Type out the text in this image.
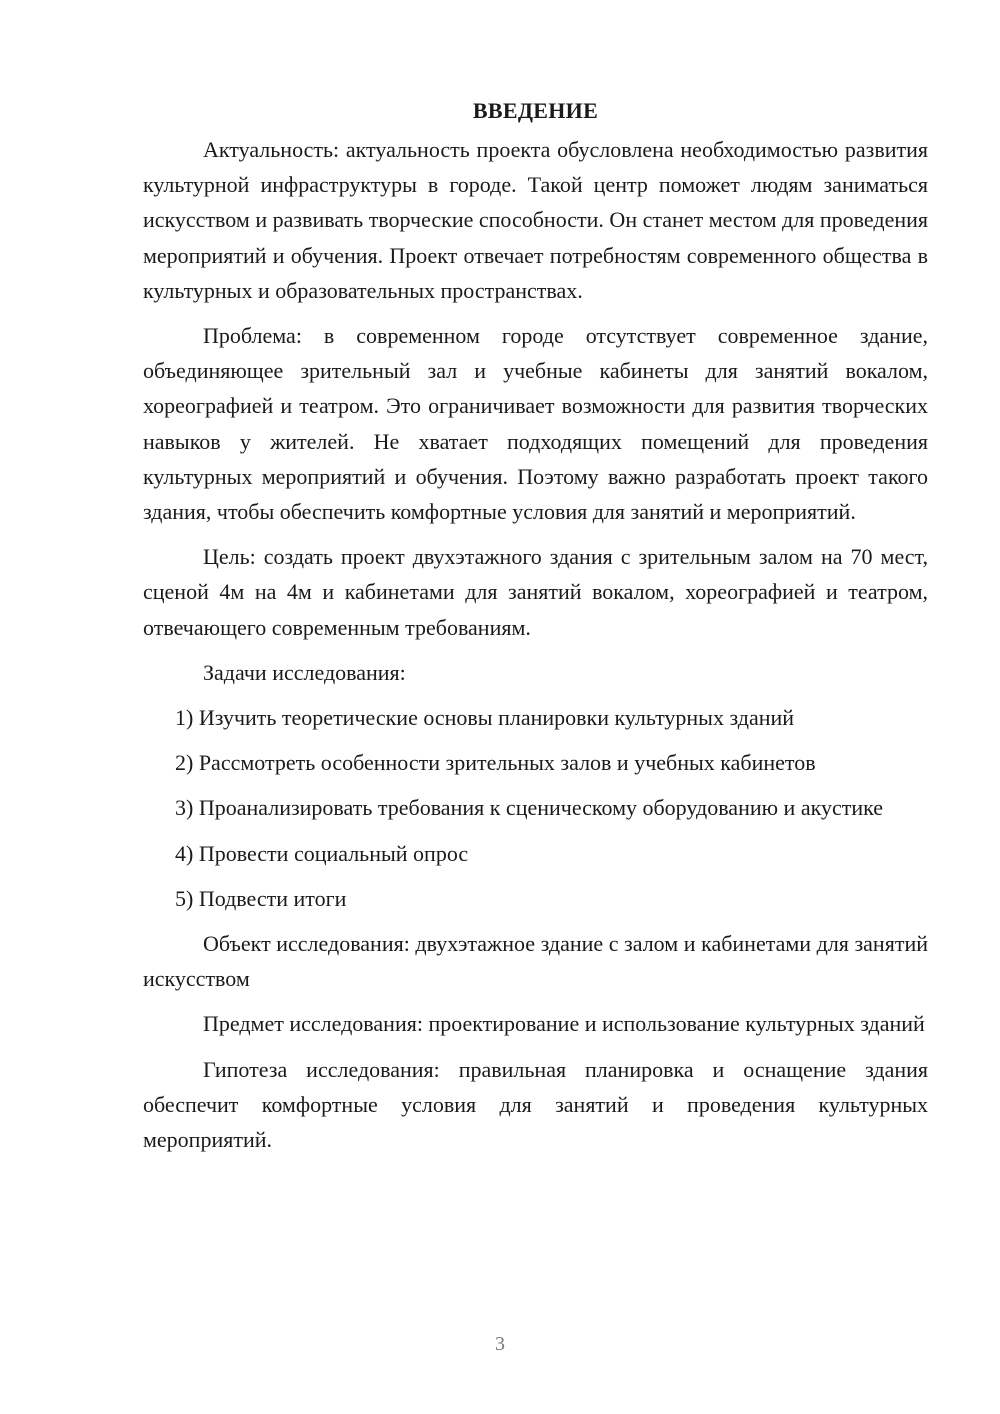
ВВЕДЕНИЕ

Актуальность: актуальность проекта обусловлена необходимостью развития культурной инфраструктуры в городе. Такой центр поможет людям заниматься искусством и развивать творческие способности. Он станет местом для проведения мероприятий и обучения. Проект отвечает потребностям современного общества в культурных и образовательных пространствах.

Проблема: в современном городе отсутствует современное здание, объединяющее зрительный зал и учебные кабинеты для занятий вокалом, хореографией и театром. Это ограничивает возможности для развития творческих навыков у жителей. Не хватает подходящих помещений для проведения культурных мероприятий и обучения. Поэтому важно разработать проект такого здания, чтобы обеспечить комфортные условия для занятий и мероприятий.

Цель: создать проект двухэтажного здания с зрительным залом на 70 мест, сценой 4м на 4м и кабинетами для занятий вокалом, хореографией и театром, отвечающего современным требованиям.

Задачи исследования:

1) Изучить теоретические основы планировки культурных зданий

2) Рассмотреть особенности зрительных залов и учебных кабинетов

3) Проанализировать требования к сценическому оборудованию и акустике

4) Провести социальный опрос

5) Подвести итоги

Объект исследования: двухэтажное здание с залом и кабинетами для занятий искусством

Предмет исследования: проектирование и использование культурных зданий

Гипотеза исследования: правильная планировка и оснащение здания обеспечит комфортные условия для занятий и проведения культурных мероприятий.

3
